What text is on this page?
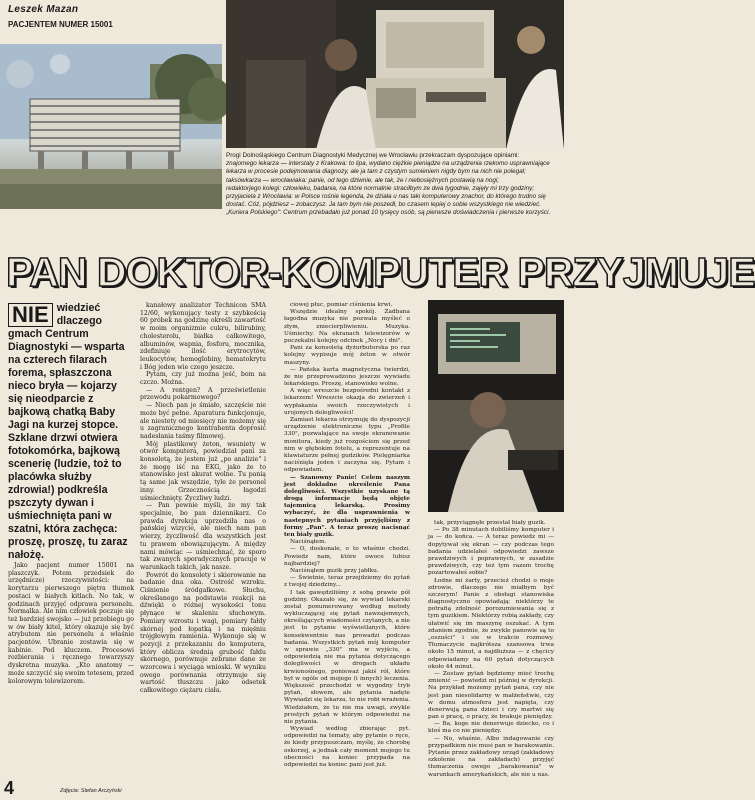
Leszek Mazan
PACJENTEM NUMER 15001

Progi Dolnośląskiego Centrum Diagnostyki Medycznej we Wrocławiu przekraczam dyspozujące opiniami:

znajomego lekarza — interstaty z Krakowa: to lipa, wydano ciężkie pieniądze na urządzenia rzekomo usprawniające lekarza w procesie podejmowania diagnozy, ale ja tam z czystym sumieniem nigdy bym na nich nie polegał;

taksówkarza — wrocławiaka: panie, od tego dziwnie, ale tak, że i niebosiężnych postawią na nogi;

redaktorjego kolegi: człowieku, badania, na które normalnie straciłbym ze dwa tygodnie, zajęły mi trzy godziny;

przyjaciela z Wrocławia: w Polsce rośnie legenda, że działa u nas taki komputerowy znachor, do którego trudno się dostać. Cóż, pójdziesz – zobaczysz. Ja tam bym nie poszedł, bo czasem lepiej o sobie wszystkiego nie wiedzieć.

„Kuriera Polskiego": Centrum przebadało już ponad 10 tysięcy osób, są pierwsze doświadczenia i pierwsze korzyści.

PAN DOKTOR-KOMPUTER PRZYJMUJE

NIE wiedzieć dlaczego gmach Centrum Diagnostyki — wsparta na czterech filarach forema, spłaszczona nieco bryła — kojarzy się nieodparcie z bajkową chatką Baby Jagi na kurzej stopce. Szklane drzwi otwiera fotokomórka, bajkową scenerię (ludzie, toż to placówka służby zdrowia!) podkreśla pszczyty dywan i uśmiechnięta pani w szatni, która zachęca: proszę, proszę, tu zaraz nałożę.

Jako pacjent numer 15001 na plaszczyk. Potem przedsiek do urzędnicze) rzeczywistości: na korytarzu pierwszego piętra tłumek postaci w białych kitlach. No tak, w godzinach przyjęć odprawa personelu. Normalka. Ale nim człowiek poczuje się też bardziej swojsko — już przebiegu go w ów biały kitel, który okazuje się być atrybutem nie personelu a właśnie pacjentów. Ubranie zostawia się w kabinie. Pod kluczem. Procesowi rozbierania i ręcznego towarzyszy dyskretna muzyka. „Kto anatomy — może szczycić się swoim totesem, przed kolorowym telewizorem.

kanałowy analizator Technicon SMA 12/60, wykonujący testy z szybkością 60 próbek na godzinę określi zawartość w moim organizmie cukru, bilirubiny, cholesterolu, białka całkowitego, albuminów, wapnia, fosforu, mocznika, zdefiniuje ilość erytrocytów, leukocytów, hemoglobiny, hematokrytu i Bóg jeden wie czego jeszcze.

Pytam, czy już można jeść, bom na czczo. Można.

— A rentgen? A prześwietlenie przewodu pokarmowego?

— Niech pan je śmiało, szczęście nie może być pełne. Aparatura funkcjonuje, ale niestety od miesięcy nie możemy się u zagranicznego kontrahenta doprosić nadesłania taśmy filmowej.

Mój plastikowy żeton, wsuniety w otwór komputera, powiedział pani za konsoletą, że jestem już „po analizie" i że mogę iść na EKG, jako że to stanowisko jest akurat wolne. Tu panią tą same jak wszędzie, tyle że personel inny. Grzecznością łagodzi uśmiechnięty. Życzliwy ludzi.

— Pan pewnie myśli, że my tak specjalnie, bo pan dziennikarz. Co prawda dyrekcja uprzedziła nas o pańskiej wizycie, ale niech nam pan wierzy, życzliwość dla wszystkich jest tu prawem obowiązującym. A między nami mówiąc — uśmiechnąć, że sporo tak zwanych sporadycznych pracuje w warunkach takich, jak nasze.

Powrót do konsolety i skierowanie na badanie dna oka. Ostrość wzroku. Ciśnienie śródgałkowe. Słuchu, określanego na podstawie reakcji na dźwięki o różnej wysokości tonu płynące w skaleniu słuchowym. Pomiary wzrostu i wagi, pomiary fałdy skórnej pod łopatką i na mięśniu trójgłowym ramienia. Wykonuje się w pozycji z przekazaniu do komputera, który oblicza średnią grubość fałdu skórnego, porównuje zebrane dane ze wzorcowa i wyciąga wnioski. W wyniku owego porównania otrzymuje się wartość tłuszczu jako odsetek całkowitego ciężaru ciała.

ciowej płuc, pomiar ciśnienia krwi.

Wszędzie idealny spokój. Zadbana łagodna muzyka nie pozwala myśleć o złym, zniecierpliwieniu. Muzyka. Uśmiechy. Na ekranach telewizorów w poczekalni kolejny odcinek „Nocy i dni".

Pani za konsoletą dyżurbutorska po raz kolejny wypisuje mój żeton w otwór maszyny.

— Pańska karta magnetyczna twierdzi, że nie przeprowadzono jeszcze wywiadu lekarskiego. Proszę, stanowisko wolne.

A więc wreszcie bezpośredni kontakt z lekarzem! Wreszcie okazja do zwierzeń i wypłakania swoich rzeczywistych i urojonych dolegliwości!

Zamiast lekarza otrzymuję do dyspozycji urządzenie elektroniczne typu „Profile 330", pozwalające na swoje ekranowanie monitora, kiedy już rozgościem się przed nim w głębokim fotelu, a reprezentuje na klawiaturze pełnej gudzików. Pielęgniarka naciśnięła jeden i zaczyna się. Pytam i odpowiadam.

— Szanowny Panie! Celem naszym jest dokładne określenie Pana dolegliwości. Wszystkie uzyskane tą drogą informacje będą objęte tajemnicą lekarską. Prosimy wybaczyć, że dla usprawnienia w nastepnych pytaniach przyjęliśmy z formy „Pan". A teraz proszę nacisnąć ten biały guzik.

Naciśnąłem.

— O, doskonale, o to właśnie chodzi. Powiedz nam, które owoce lubisz najbardziej?

Naciśnąłem guzik przy jabłku.

— Świetnie, teraz przejdziemy do pytań z twojej dziedziny...

I tak gawędziliśmy z sobą prawie pół godziny. Okazało się, że wywiad lekarski został ponumerowany według metody wykluczającej się pytań nawzajemnych, określających wiadomości czytanych, a nie jest to pytanie wyświetlanych, które konsekwentnie nas prowadzi podczas badania. Wszystkich pytań mój komputer w sprawie „330" ma w wyjściu, a odpowiedzią nie ma pytania dotyczącego dolegliwości w drogach układu krwionośnego, ponieważ jakiś ról, które był w ogóle od mojego (i innych) leczenia. Większość przechodzi w wygodny tryb pytań, słowem, ale pytania nadęte Wywiadzi się lekarza, to nie robi wrażenia. Wiedziałem, że tu nie ma uwagi, zwykle prostych pytań w którym odpowiedzi na nie pytania.

Wywiad według zbierając pyt. odpowiedzi na tematy, aby pytanie o ręce, że kiedy przypuszczam, myślę, że chorobę oskorzej, a jednak cały moment mojego tu obecności na koniec przypada na odpowiedzi na koniec pani jest już.

tak, przyciągnęłe przestał biały guzik.

— Po 38 minutach dobiliśmy komputer i ja — do końca. — A teraz powiedz mi — dopytywał się ekran — czy podczas tego badania udzielałeś odpowiedzi zawsze prawdziwych i poprawnych, w zasadzie prawdziwych, czy też tym razem trochę pozartowałeś sobie?

Łodne mi żarty, przecież chodzi o moje zdrowie, dlaczego nie miałbym być szczerym! Panie z obsługi stanowiska diagnostyczno opowiadają: niektórzy te potrafią zdolność porozumiewania się z tym guzikiem. Niektórzy robią zakłady, czy ułatwić się im maszynę oszukać. A tym zdaniem zgodnie, że zwykle panowie są to „oszuści" i sie w trakcie rozmowy. Tłumaczycie najkrótsza szansowa trwa około 15 minut, a najdłuższa — z chęcicy odpowiadamy na 60 pytań dotyczących około 44 minut.

— Zostaw pytań będziemy mieć trochę zmienić — powiedzi mi później w dyrekcji. Na przykład możemy pytań pana, czy nie jest pan niesolidarny w małżeństwie, czy w domu atmosfera jest napięta, czy denerwują pana dzieci i czy martwi się pan o pracę, o pracy, że brakuje pieniędzy.

— Ba, koge nie denerwuje dziecko, co i ktoś ma co nie pieniędzy.

— No, właśnie. Albo indagowanie czy przypadkiem nie musi pan w barakowanie. Pytanie przez zakładowy urząd (zakładowy szkolenie na zakładach) przyjęć tłumaczenia owego „barakowania" w warunkach amerykańskich, ale nie u nas.

4	Zdjęcia: Stefan Arczyński
